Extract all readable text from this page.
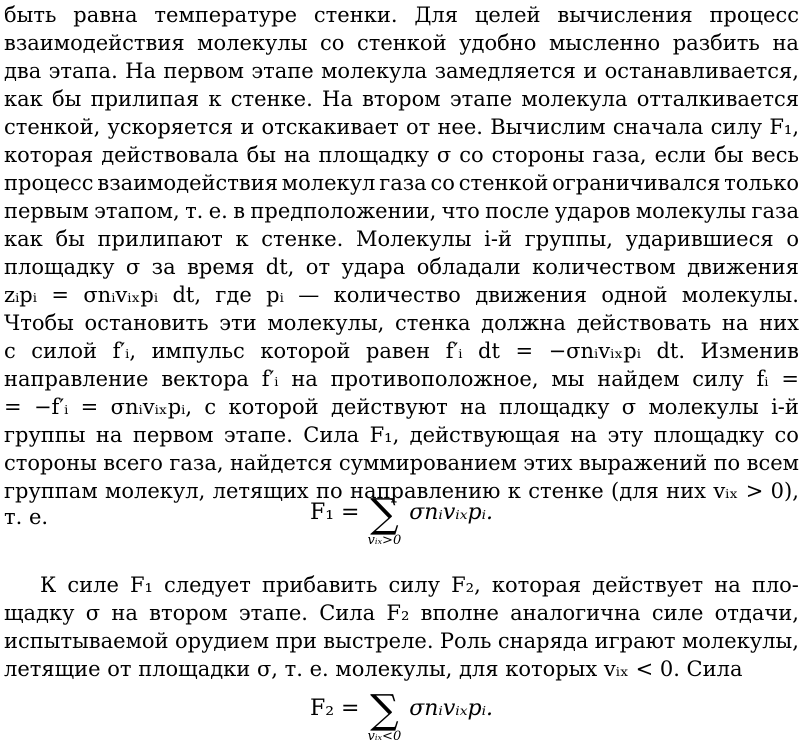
быть равна температуре стенки. Для целей вычисления процесс
взаимодействия молекулы со стенкой удобно мысленно разбить на
два этапа. На первом этапе молекула замедляется и останавливается,
как бы прилипая к стенке. На втором этапе молекула отталкивается
стенкой, ускоряется и отскакивает от нее. Вычислим сначала силу F₁,
которая действовала бы на площадку σ со стороны газа, если бы весь
процесс взаимодействия молекул газа со стенкой ограничивался только
первым этапом, т. е. в предположении, что после ударов молекулы газа
как бы прилипают к стенке. Молекулы i-й группы, ударившиеся о
площадку σ за время dt, от удара обладали количеством движения
zᵢpᵢ = σnᵢvᵢₓpᵢ dt, где pᵢ — количество движения одной молекулы.
Чтобы остановить эти молекулы, стенка должна действовать на них
с силой f′ᵢ, импульс которой равен f′ᵢ dt = −σnᵢvᵢₓpᵢ dt. Изменив
направление вектора f′ᵢ на противоположное, мы найдем силу fᵢ =
= −f′ᵢ = σnᵢvᵢₓpᵢ, с которой действуют на площадку σ молекулы i-й
группы на первом этапе. Сила F₁, действующая на эту площадку со
стороны всего газа, найдется суммированием этих выражений по всем
группам молекул, летящих по направлению к стенке (для них vᵢₓ > 0),
т. е.	F₁ = ∑
vᵢₓ>0
σnᵢvᵢₓpᵢ.
К силе F₁ следует прибавить силу F₂, которая действует на пло-
щадку σ на втором этапе. Сила F₂ вполне аналогична силе отдачи,
испытываемой орудием при выстреле. Роль снаряда играют молекулы,
летящие от площадки σ, т. е. молекулы, для которых vᵢₓ < 0. Сила
F₂ = ∑
vᵢₓ<0
σnᵢvᵢₓpᵢ.
